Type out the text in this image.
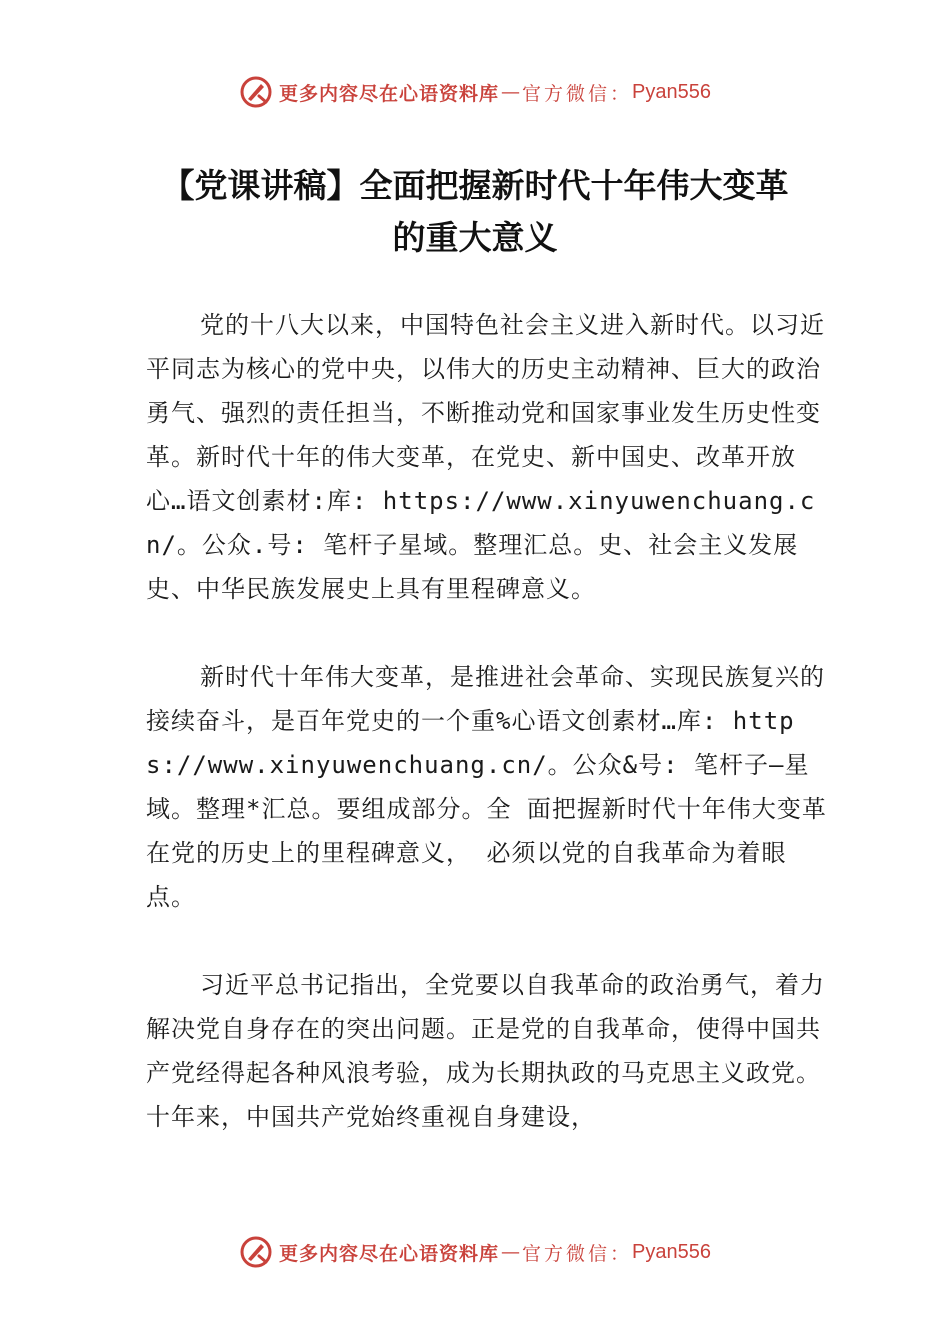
更多内容尽在心语资料库 — 官方微信： Pyan556
【党课讲稿】全面把握新时代十年伟大变革
的重大意义

党的十八大以来，中国特色社会主义进入新时代。以习近平同志为核心的党中央，以伟大的历史主动精神、巨大的政治勇气、强烈的责任担当，不断推动党和国家事业发生历史性变革。新时代十年的伟大变革，在党史、新中国史、改革开放心…语文创素材:库: https://www.xinyuwenchuang.cn/。公众.号: 笔杆子星域。整理汇总。史、社会主义发展史、中华民族发展史上具有里程碑意义。

新时代十年伟大变革，是推进社会革命、实现民族复兴的接续奋斗，是百年党史的一个重%心语文创素材…库: https://www.xinyuwenchuang.cn/。公众&号: 笔杆子—星域。整理*汇总。要组成部分。全 面把握新时代十年伟大变革在党的历史上的里程碑意义， 必须以党的自我革命为着眼点。

习近平总书记指出，全党要以自我革命的政治勇气，着力解决党自身存在的突出问题。正是党的自我革命，使得中国共产党经得起各种风浪考验，成为长期执政的马克思主义政党。十年来，中国共产党始终重视自身建设，

更多内容尽在心语资料库 — 官方微信： Pyan556
